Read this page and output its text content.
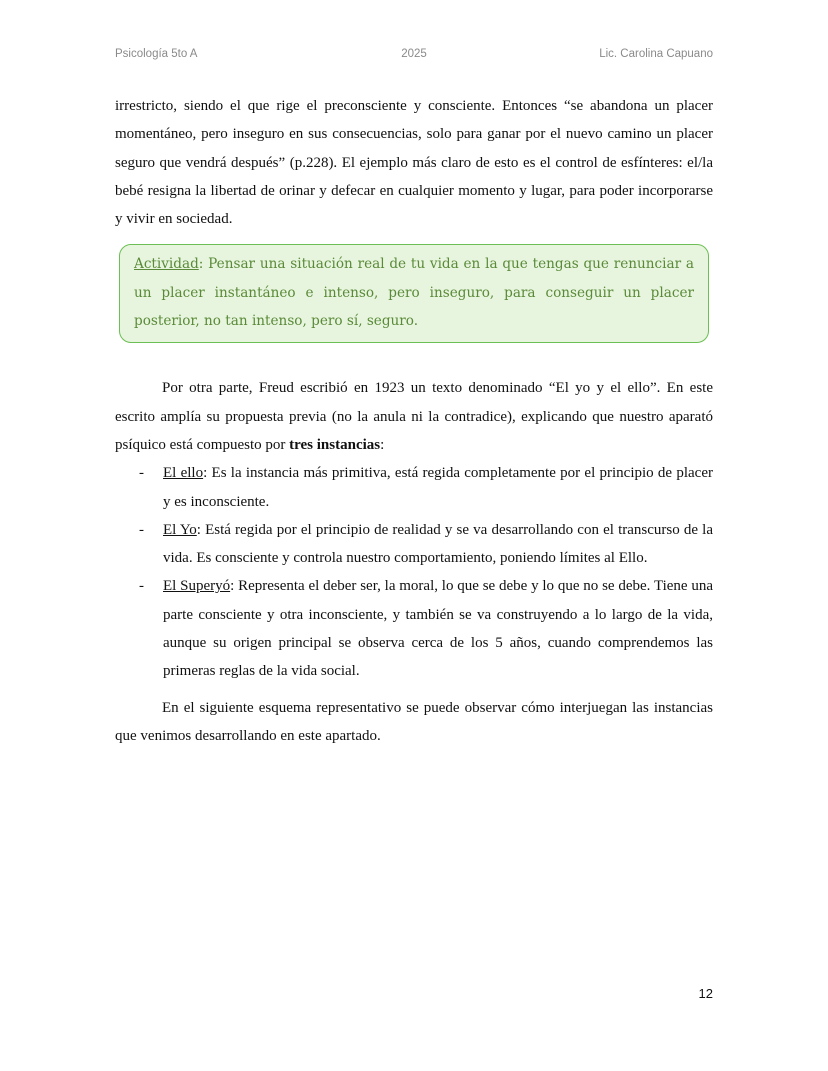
Psicología 5to A	2025	Lic. Carolina Capuano

irrestricto, siendo el que rige el preconsciente y consciente. Entonces “se abandona un placer momentáneo, pero inseguro en sus consecuencias, solo para ganar por el nuevo camino un placer seguro que vendrá después” (p.228). El ejemplo más claro de esto es el control de esfínteres: el/la bebé resigna la libertad de orinar y defecar en cualquier momento y lugar, para poder incorporarse y vivir en sociedad.

Actividad: Pensar una situación real de tu vida en la que tengas que renunciar a un placer instantáneo e intenso, pero inseguro, para conseguir un placer posterior, no tan intenso, pero sí, seguro.

Por otra parte, Freud escribió en 1923 un texto denominado “El yo y el ello”. En este escrito amplía su propuesta previa (no la anula ni la contradice), explicando que nuestro aparató psíquico está compuesto por tres instancias:

- El ello: Es la instancia más primitiva, está regida completamente por el principio de placer y es inconsciente.
- El Yo: Está regida por el principio de realidad y se va desarrollando con el transcurso de la vida. Es consciente y controla nuestro comportamiento, poniendo límites al Ello.
- El Superyó: Representa el deber ser, la moral, lo que se debe y lo que no se debe. Tiene una parte consciente y otra inconsciente, y también se va construyendo a lo largo de la vida, aunque su origen principal se observa cerca de los 5 años, cuando comprendemos las primeras reglas de la vida social.

En el siguiente esquema representativo se puede observar cómo interjuegan las instancias que venimos desarrollando en este apartado.

12
